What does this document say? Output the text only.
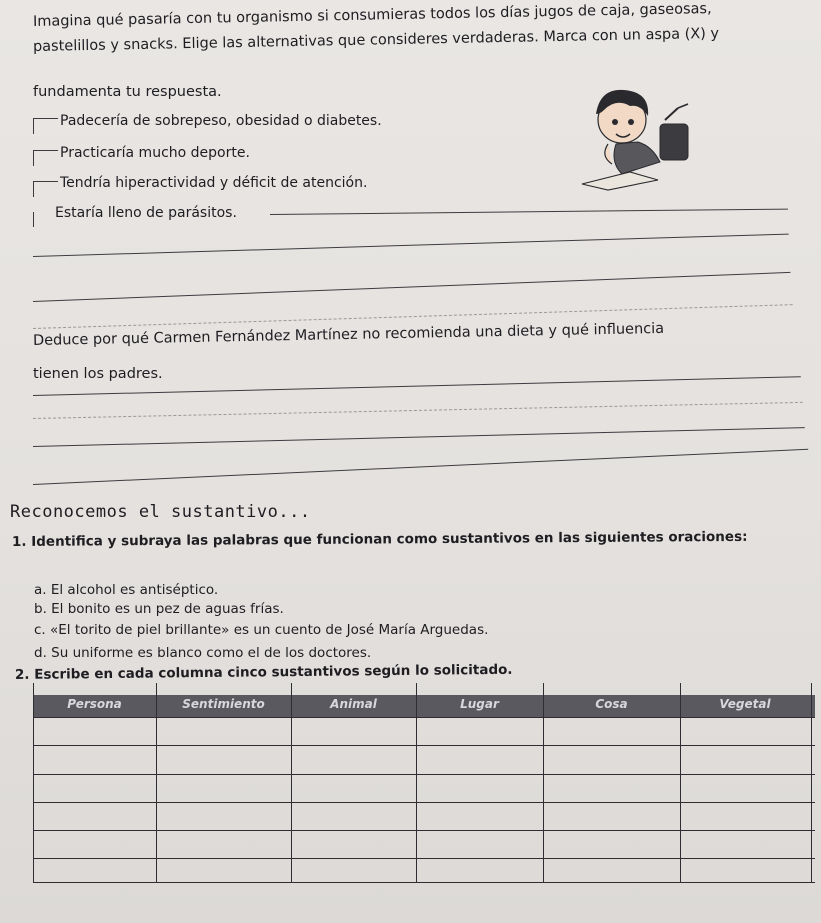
Imagina qué pasaría con tu organismo si consumieras todos los días jugos de caja, gaseosas,
pastelillos y snacks. Elige las alternativas que consideres verdaderas. Marca con un aspa (X) y
fundamenta tu respuesta.
Padecería de sobrepeso, obesidad o diabetes.
Practicaría mucho deporte.
Tendría hiperactividad y déficit de atención.
Estaría lleno de parásitos.
Deduce por qué Carmen Fernández Martínez no recomienda una dieta y qué influencia
tienen los padres.
Reconocemos el sustantivo...
1. Identifica y subraya las palabras que funcionan como sustantivos en las siguientes oraciones:
a. El alcohol es antiséptico.
b. El bonito es un pez de aguas frías.
c. «El torito de piel brillante» es un cuento de José María Arguedas.
d. Su uniforme es blanco como el de los doctores.
2. Escribe en cada columna cinco sustantivos según lo solicitado.
Persona	Sentimiento	Animal	Lugar	Cosa	Vegetal
